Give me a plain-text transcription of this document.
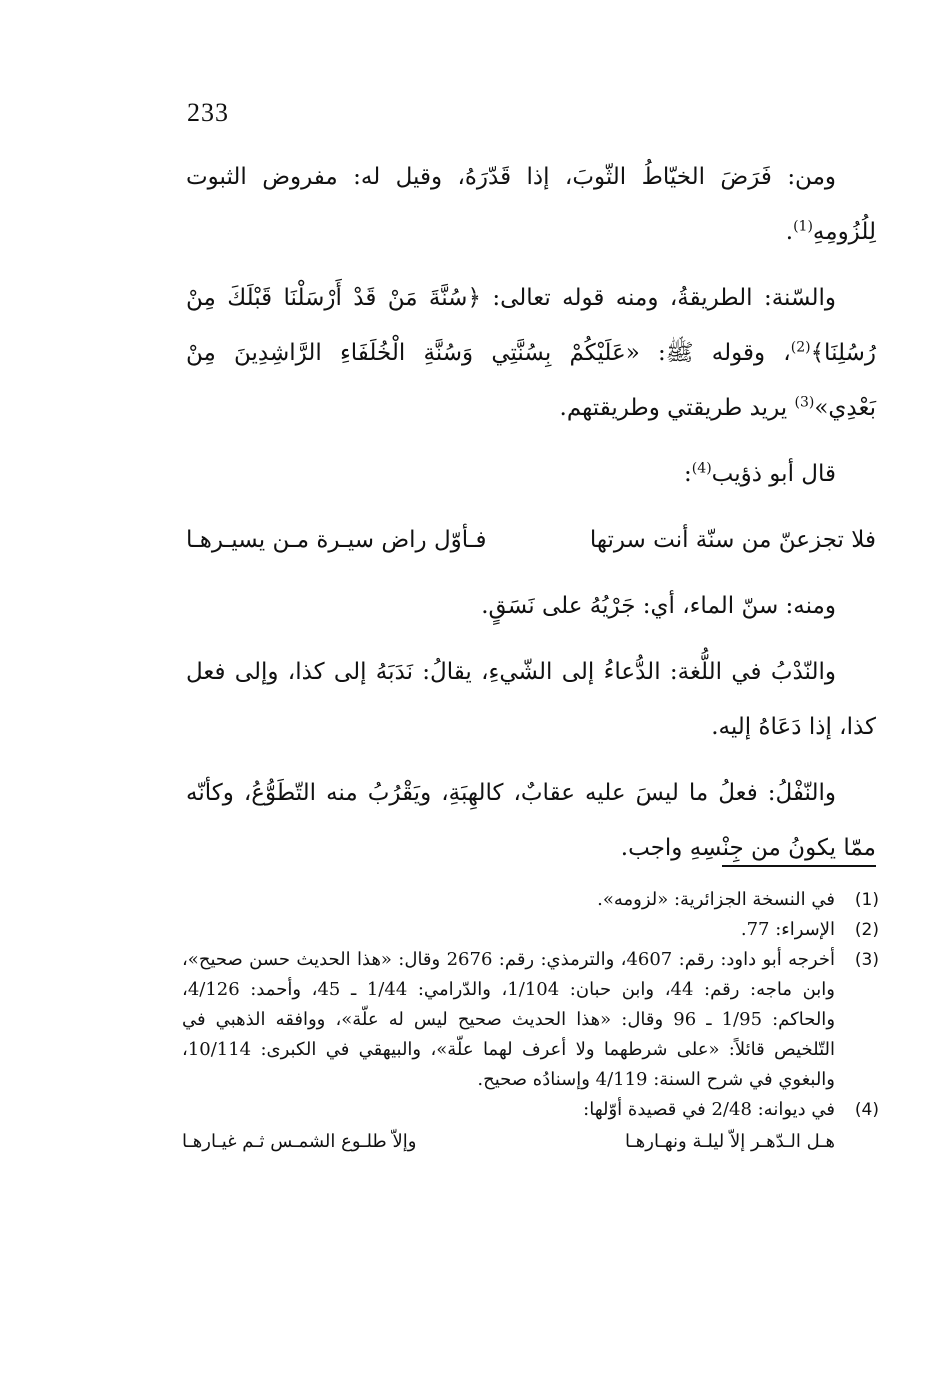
233

ومن: فَرَضَ الخيّاطُ الثّوبَ، إذا قَدّرَهُ، وقيل له: مفروض الثبوت لِلُزُومِهِ$^{(1)}$.

والسّنة: الطريقةُ، ومنه قوله تعالى: ﴿سُنَّةَ مَنْ قَدْ أَرْسَلْنَا قَبْلَكَ مِنْ رُسُلِنَا﴾$^{(2)}$، وقوله ﷺ: «عَلَيْكُمْ بِسُنَّتِي وَسُنَّةِ الْخُلَفَاءِ الرَّاشِدِينَ مِنْ بَعْدِي»$^{(3)}$ يريد طريقتي وطريقتهم.

قال أبو ذؤيب$^{(4)}$:

فلا تجزعنّ من سنّة أنت سرتها
فـأوّل راض سيـرة مـن يسيـرهـا

ومنه: سنّ الماء، أي: جَرْيُهُ على نَسَقٍ.

والنّدْبُ في اللُّغة: الدُّعاءُ إلى الشّيءِ، يقالُ: نَدَبَهُ إلى كذا، وإلى فعل كذا، إذا دَعَاهُ إليه.

والنّفْلُ: فعلُ ما ليسَ عليه عقابٌ، كالهِبَةِ، ويَقْرُبُ منه التّطَوُّعُ، وكأنّه ممّا يكونُ من جِنْسِهِ واجب.

(1)
في النسخة الجزائرية: «لزومه».
(2)
الإسراء: 77.
(3)
أخرجه أبو داود: رقم: 4607، والترمذي: رقم: 2676 وقال: «هذا الحديث حسن صحيح»، وابن ماجه: رقم: 44، وابن حبان: 1/104، والدّرامي: 1/44 ـ 45، وأحمد: 4/126، والحاكم: 1/95 ـ 96 وقال: «هذا الحديث صحيح ليس له علّة»، ووافقه الذهبي في التّلخيص قائلاً: «على شرطهما ولا أعرف لهما علّة»، والبيهقي في الكبرى: 10/114، والبغوي في شرح السنة: 4/119 وإسنادُه صحيح.
(4)
في ديوانه: 2/48 في قصيدة أوّلها:
هـل الـدّهـر إلاّ ليلـة ونهـارهـا
وإلاّ طلـوع الشمـس ثـم غيـارهـا
